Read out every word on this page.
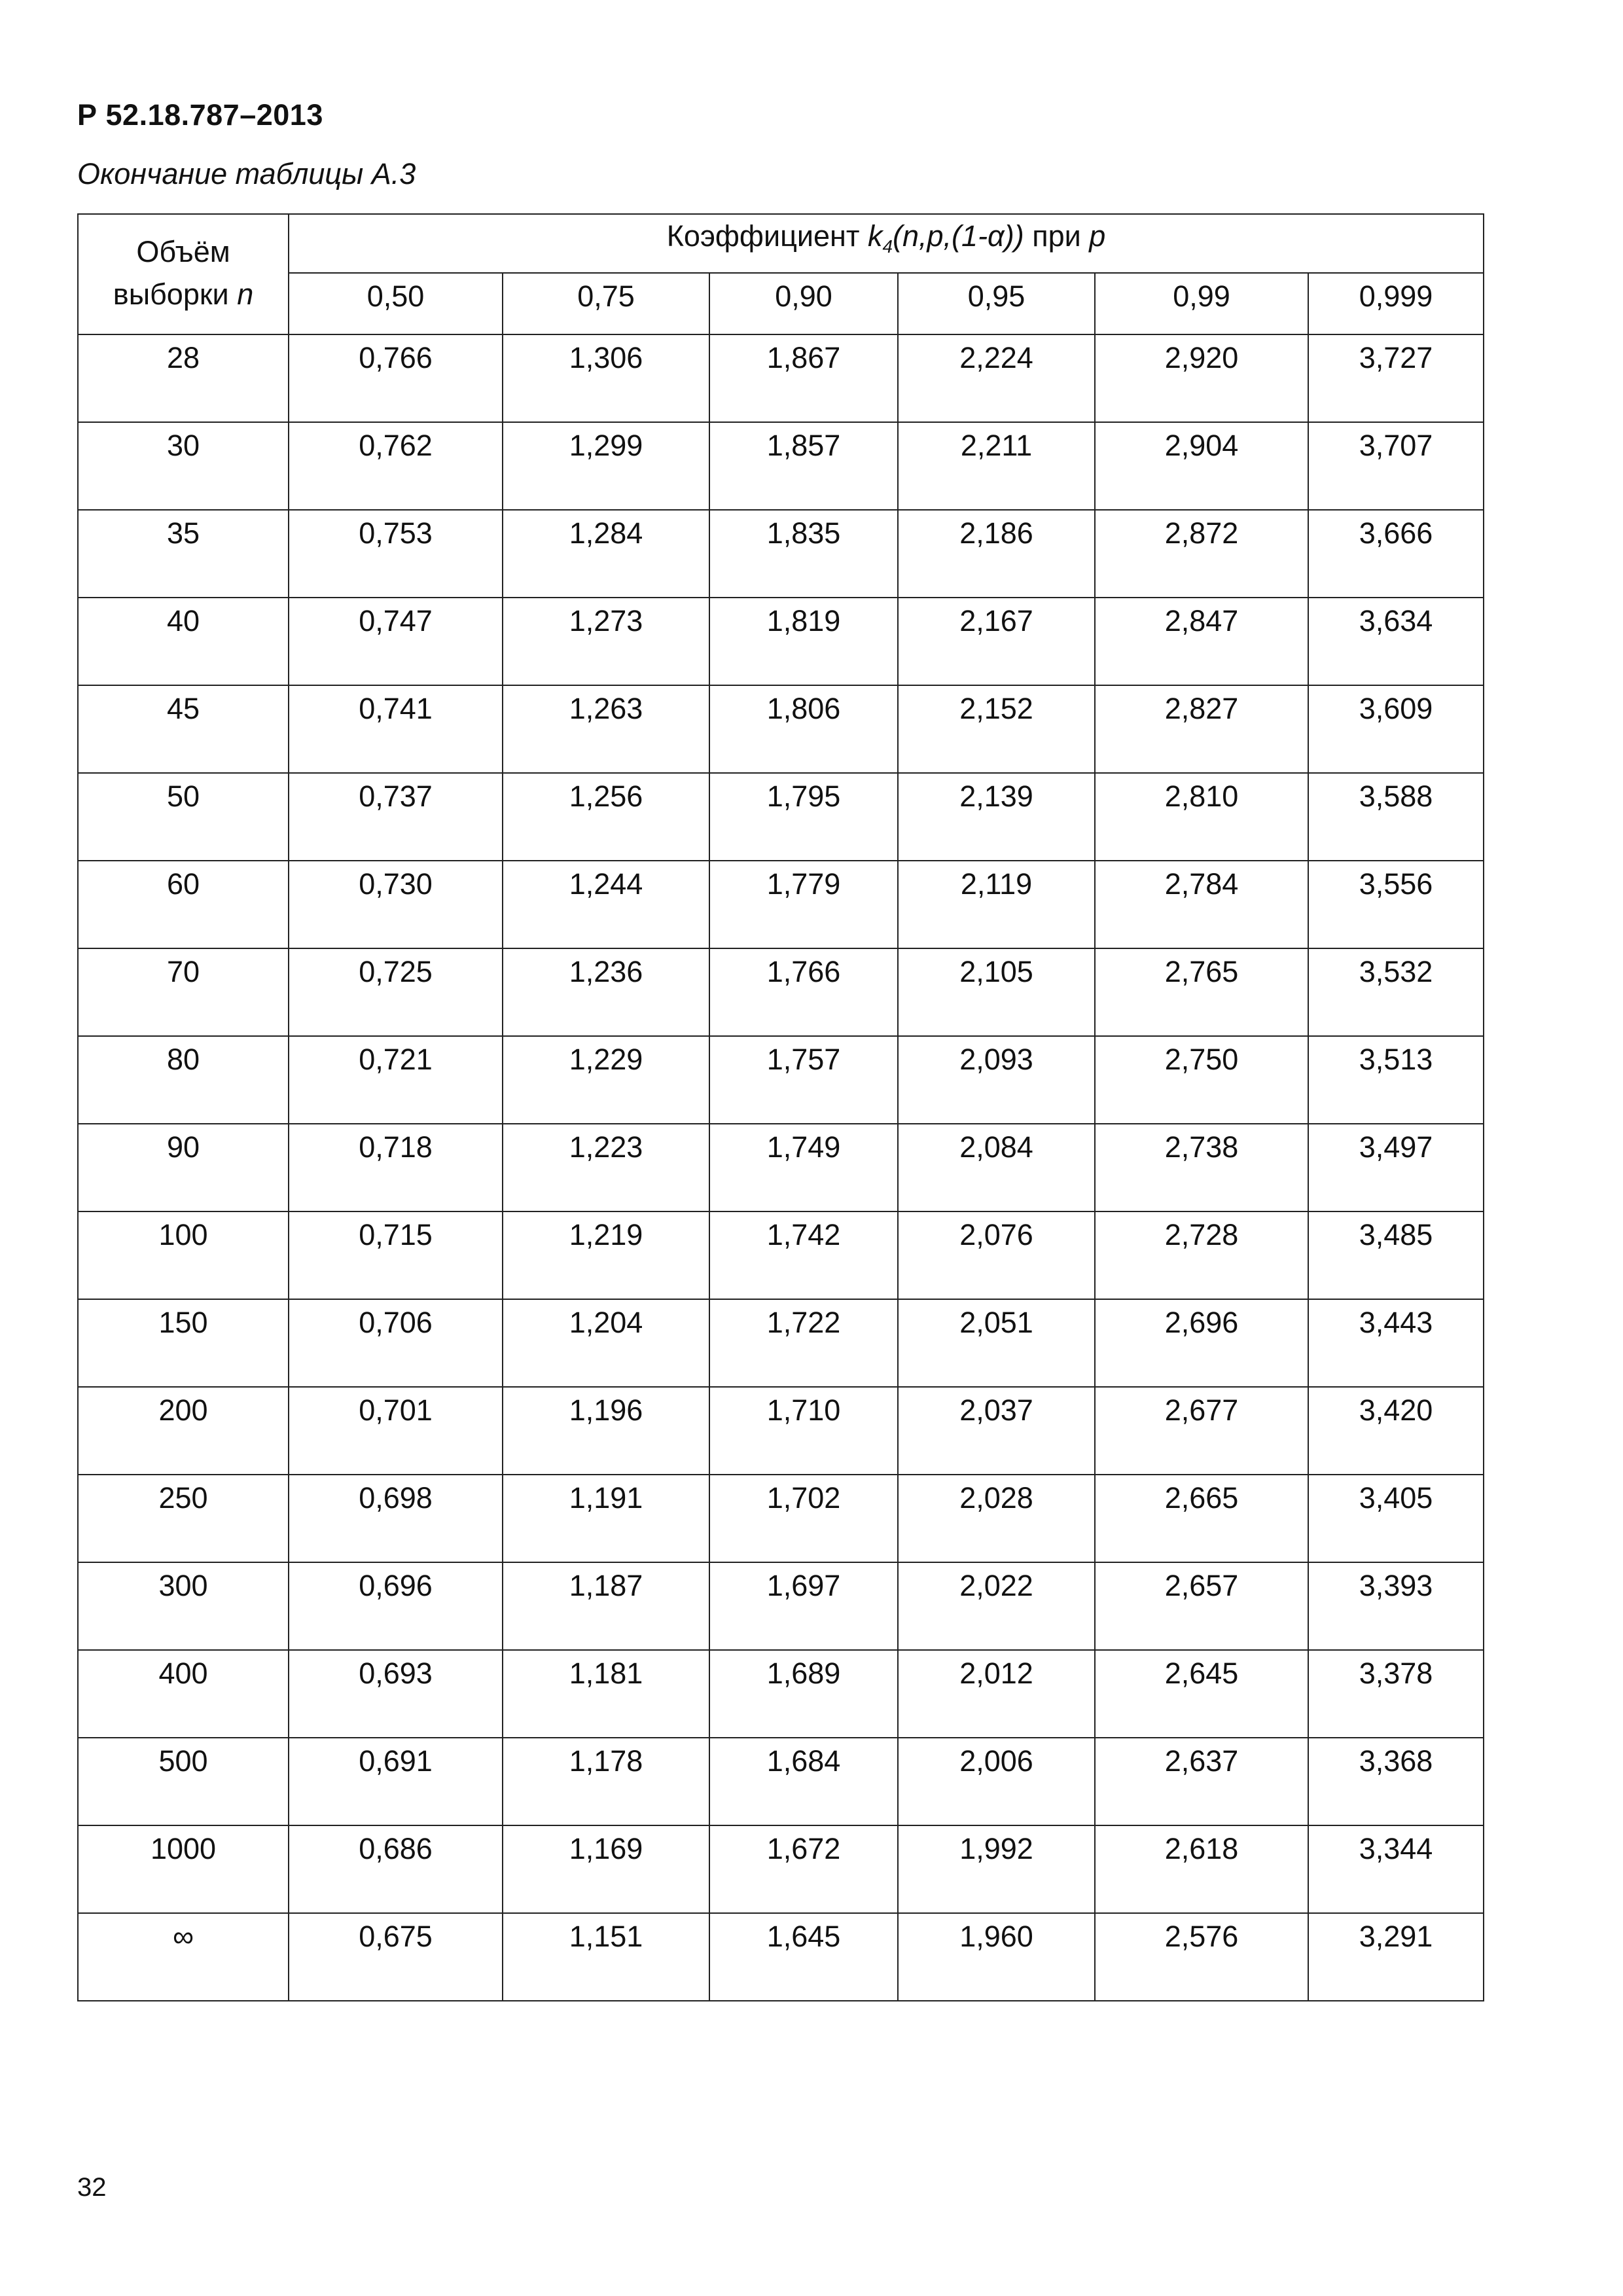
Р 52.18.787–2013
Окончание таблицы А.3
Объём
выборки n	Коэффициент $k_4(n,p,(1-\alpha))$ при p					
	0,50	0,75	0,90	0,95	0,99	0,999
28	0,766	1,306	1,867	2,224	2,920	3,727
30	0,762	1,299	1,857	2,211	2,904	3,707
35	0,753	1,284	1,835	2,186	2,872	3,666
40	0,747	1,273	1,819	2,167	2,847	3,634
45	0,741	1,263	1,806	2,152	2,827	3,609
50	0,737	1,256	1,795	2,139	2,810	3,588
60	0,730	1,244	1,779	2,119	2,784	3,556
70	0,725	1,236	1,766	2,105	2,765	3,532
80	0,721	1,229	1,757	2,093	2,750	3,513
90	0,718	1,223	1,749	2,084	2,738	3,497
100	0,715	1,219	1,742	2,076	2,728	3,485
150	0,706	1,204	1,722	2,051	2,696	3,443
200	0,701	1,196	1,710	2,037	2,677	3,420
250	0,698	1,191	1,702	2,028	2,665	3,405
300	0,696	1,187	1,697	2,022	2,657	3,393
400	0,693	1,181	1,689	2,012	2,645	3,378
500	0,691	1,178	1,684	2,006	2,637	3,368
1000	0,686	1,169	1,672	1,992	2,618	3,344
∞	0,675	1,151	1,645	1,960	2,576	3,291
32
